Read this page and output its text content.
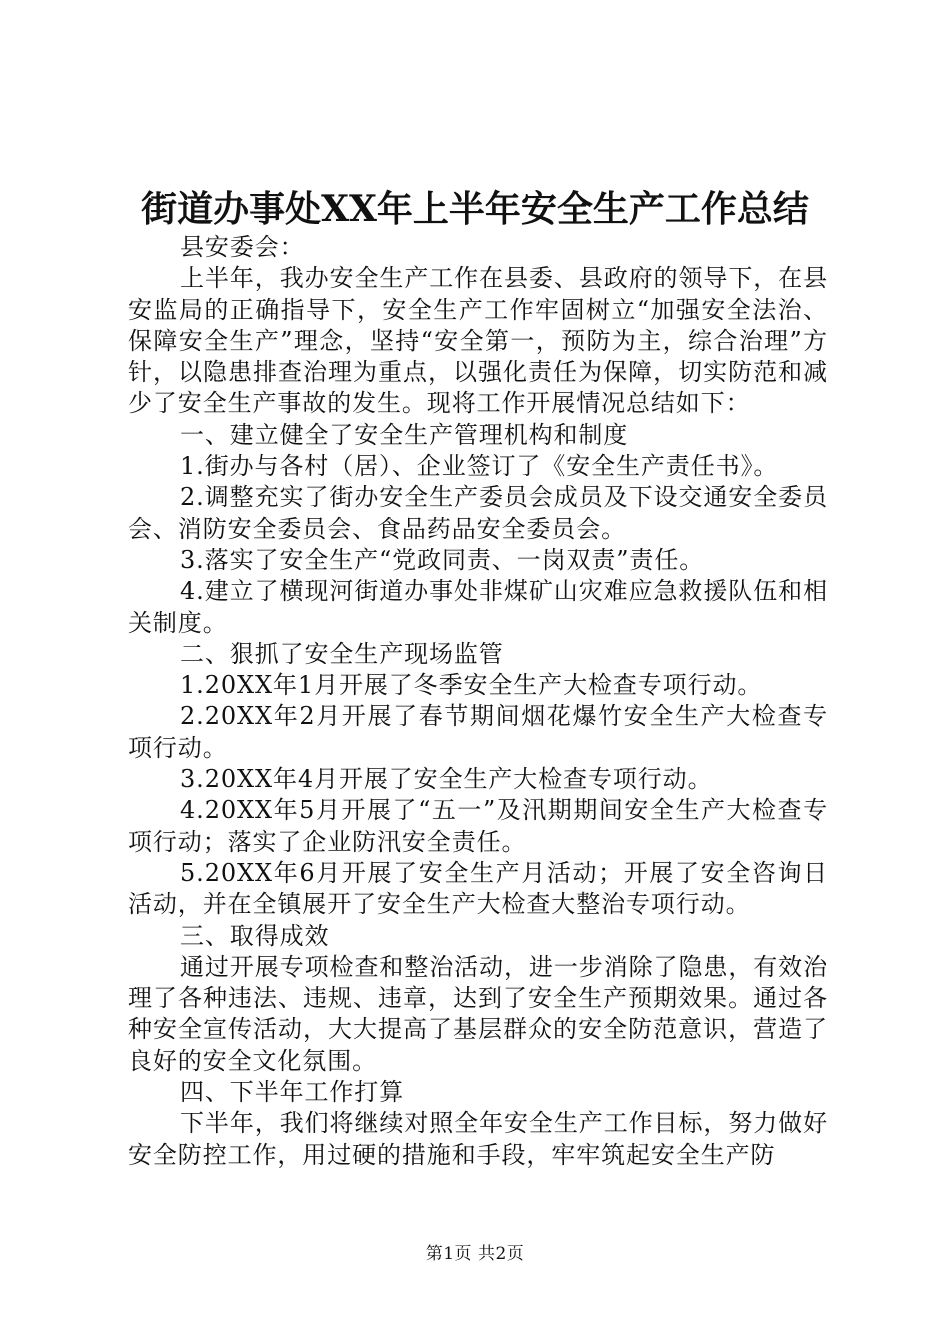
街道办事处XX年上半年安全生产工作总结

县安委会：

上半年，我办安全生产工作在县委、县政府的领导下，在县安监局的正确指导下，安全生产工作牢固树立“加强安全法治、保障安全生产”理念，坚持“安全第一，预防为主，综合治理”方针，以隐患排查治理为重点，以强化责任为保障，切实防范和减少了安全生产事故的发生。现将工作开展情况总结如下：

一、建立健全了安全生产管理机构和制度

1.街办与各村（居）、企业签订了《安全生产责任书》。

2.调整充实了街办安全生产委员会成员及下设交通安全委员会、消防安全委员会、食品药品安全委员会。

3.落实了安全生产“党政同责、一岗双责”责任。

4.建立了横现河街道办事处非煤矿山灾难应急救援队伍和相关制度。

二、狠抓了安全生产现场监管

1.20XX年1月开展了冬季安全生产大检查专项行动。

2.20XX年2月开展了春节期间烟花爆竹安全生产大检查专项行动。

3.20XX年4月开展了安全生产大检查专项行动。

4.20XX年5月开展了“五一”及汛期期间安全生产大检查专项行动；落实了企业防汛安全责任。

5.20XX年6月开展了安全生产月活动；开展了安全咨询日活动，并在全镇展开了安全生产大检查大整治专项行动。

三、取得成效

通过开展专项检查和整治活动，进一步消除了隐患，有效治理了各种违法、违规、违章，达到了安全生产预期效果。通过各种安全宣传活动，大大提高了基层群众的安全防范意识，营造了良好的安全文化氛围。

四、下半年工作打算

下半年，我们将继续对照全年安全生产工作目标，努力做好安全防控工作，用过硬的措施和手段，牢牢筑起安全生产防

第1页 共2页
